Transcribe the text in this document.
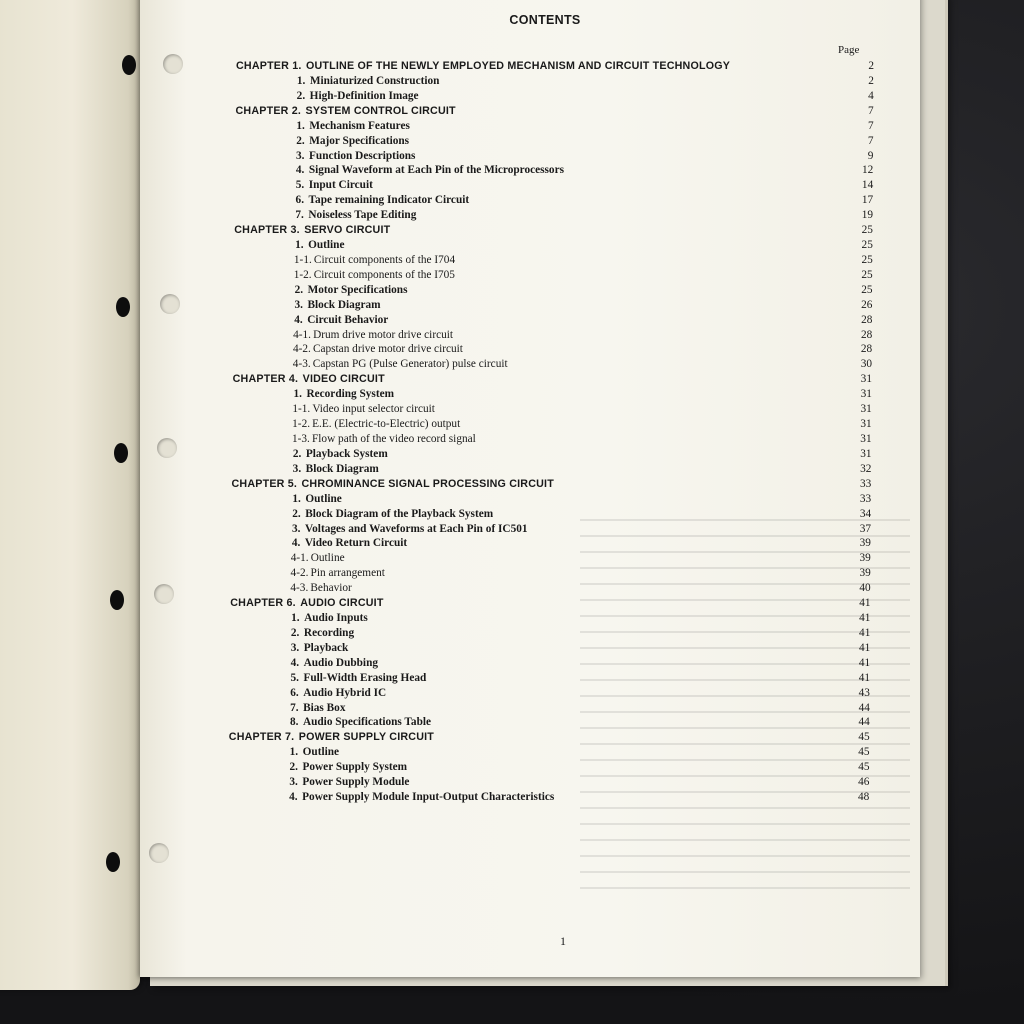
CONTENTS
Page
CHAPTER 1. OUTLINE OF THE NEWLY EMPLOYED MECHANISM AND CIRCUIT TECHNOLOGY	2
1. Miniaturized Construction	2
2. High-Definition Image	4
CHAPTER 2. SYSTEM CONTROL CIRCUIT	7
1. Mechanism Features	7
2. Major Specifications	7
3. Function Descriptions	9
4. Signal Waveform at Each Pin of the Microprocessors	12
5. Input Circuit	14
6. Tape remaining Indicator Circuit	17
7. Noiseless Tape Editing	19
CHAPTER 3. SERVO CIRCUIT	25
1. Outline	25
1-1. Circuit components of the I704	25
1-2. Circuit components of the I705	25
2. Motor Specifications	25
3. Block Diagram	26
4. Circuit Behavior	28
4-1. Drum drive motor drive circuit	28
4-2. Capstan drive motor drive circuit	28
4-3. Capstan PG (Pulse Generator) pulse circuit	30
CHAPTER 4. VIDEO CIRCUIT	31
1. Recording System	31
1-1. Video input selector circuit	31
1-2. E.E. (Electric-to-Electric) output	31
1-3. Flow path of the video record signal	31
2. Playback System	31
3. Block Diagram	32
CHAPTER 5. CHROMINANCE SIGNAL PROCESSING CIRCUIT	33
1. Outline	33
2. Block Diagram of the Playback System	34
3. Voltages and Waveforms at Each Pin of IC501	37
4. Video Return Circuit	39
4-1. Outline	39
4-2. Pin arrangement	39
4-3. Behavior	40
CHAPTER 6. AUDIO CIRCUIT	41
1. Audio Inputs	41
2. Recording	41
3. Playback	41
4. Audio Dubbing	41
5. Full-Width Erasing Head	41
6. Audio Hybrid IC	43
7. Bias Box	44
8. Audio Specifications Table	44
CHAPTER 7. POWER SUPPLY CIRCUIT	45
1. Outline	45
2. Power Supply System	45
3. Power Supply Module	46
4. Power Supply Module Input-Output Characteristics	48
1
